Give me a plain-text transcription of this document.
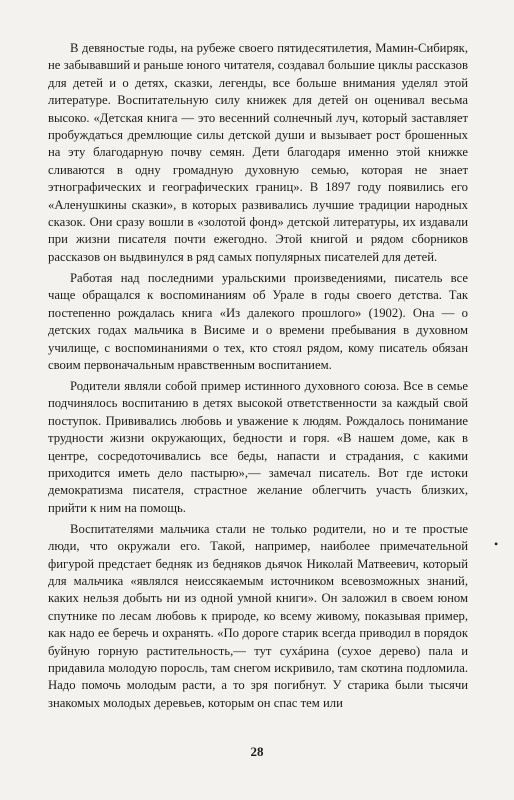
В девяностые годы, на рубеже своего пятидесятилетия, Мамин-Сибиряк, не забывавший и раньше юного читателя, создавал большие циклы рассказов для детей и о детях, сказки, легенды, все больше внимания уделял этой литературе. Воспитательную силу книжек для детей он оценивал весьма высоко. «Детская книга — это весенний солнечный луч, который заставляет пробуждаться дремлющие силы детской души и вызывает рост брошенных на эту благодарную почву семян. Дети благодаря именно этой книжке сливаются в одну громадную духовную семью, которая не знает этнографических и географических границ». В 1897 году появились его «Аленушкины сказки», в которых развивались лучшие традиции народных сказок. Они сразу вошли в «золотой фонд» детской литературы, их издавали при жизни писателя почти ежегодно. Этой книгой и рядом сборников рассказов он выдвинулся в ряд самых популярных писателей для детей.

Работая над последними уральскими произведениями, писатель все чаще обращался к воспоминаниям об Урале в годы своего детства. Так постепенно рождалась книга «Из далекого прошлого» (1902). Она — о детских годах мальчика в Висиме и о времени пребывания в духовном училище, с воспоминаниями о тех, кто стоял рядом, кому писатель обязан своим первоначальным нравственным воспитанием.

Родители являли собой пример истинного духовного союза. Все в семье подчинялось воспитанию в детях высокой ответственности за каждый свой поступок. Прививались любовь и уважение к людям. Рождалось понимание трудности жизни окружающих, бедности и горя. «В нашем доме, как в центре, сосредоточивались все беды, напасти и страдания, с какими приходится иметь дело пастырю»,— замечал писатель. Вот где истоки демократизма писателя, страстное желание облегчить участь близких, прийти к ним на помощь.

Воспитателями мальчика стали не только родители, но и те простые люди, что окружали его. Такой, например, наиболее примечательной фигурой предстает бедняк из бедняков дьячок Николай Матвеевич, который для мальчика «являлся неиссякаемым источником всевозможных знаний, каких нельзя добыть ни из одной умной книги». Он заложил в своем юном спутнике по лесам любовь к природе, ко всему живому, показывая пример, как надо ее беречь и охранять. «По дороге старик всегда приводил в порядок буйную горную растительность,— тут сухáрина (сухое дерево) пала и придавила молодую поросль, там снегом искривило, там скотина подломила. Надо помочь молодым расти, а то зря погибнут. У старика были тысячи знакомых молодых деревьев, которым он спас тем или

•
28
